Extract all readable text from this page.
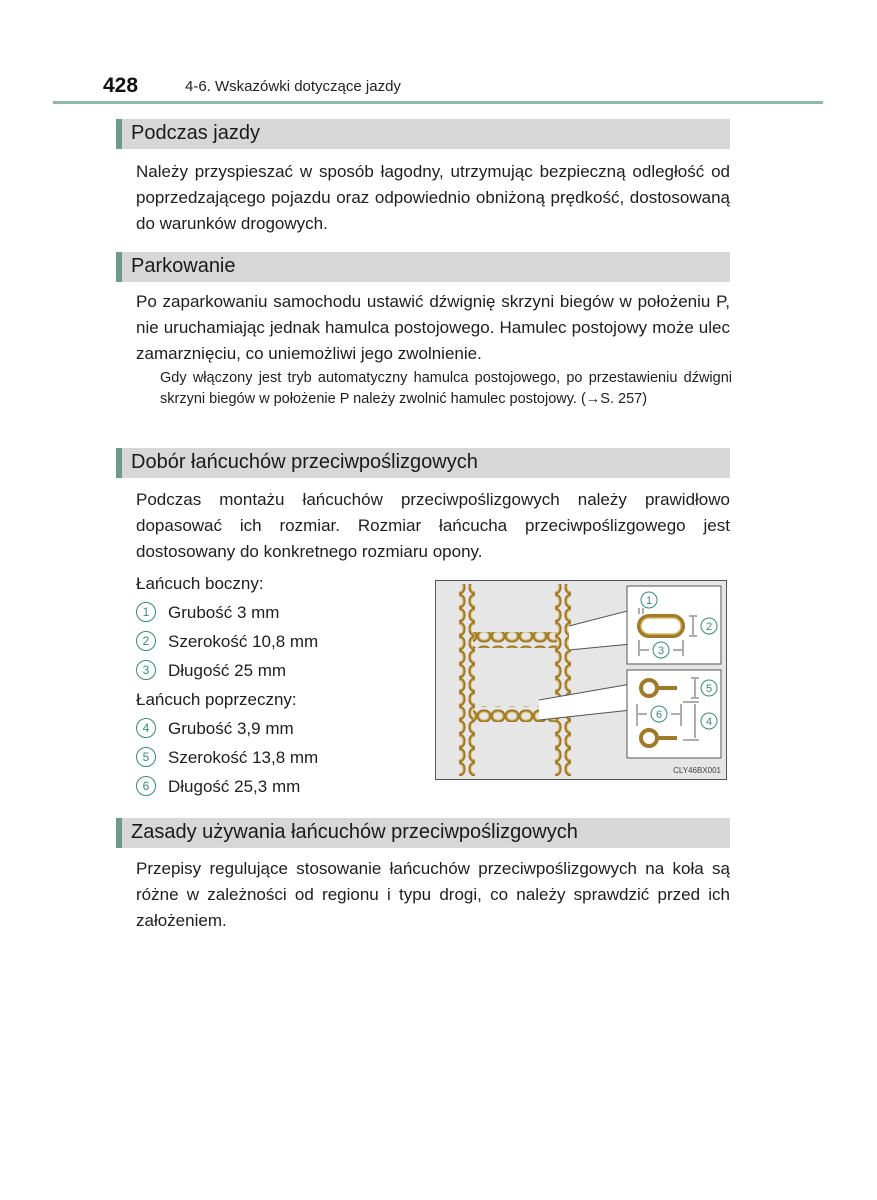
428	4-6. Wskazówki dotyczące jazdy
Podczas jazdy

Należy przyspieszać w sposób łagodny, utrzymując bezpieczną odległość od poprzedzającego pojazdu oraz odpowiednio obniżoną prędkość, dostosowaną do warunków drogowych.

Parkowanie

Po zaparkowaniu samochodu ustawić dźwignię skrzyni biegów w położeniu P, nie uruchamiając jednak hamulca postojowego. Hamulec postojowy może ulec zamarznięciu, co uniemożliwi jego zwolnienie.

Gdy włączony jest tryb automatyczny hamulca postojowego, po przestawieniu dźwigni skrzyni biegów w położenie P należy zwolnić hamulec postojowy. (→S. 257)

Dobór łańcuchów przeciwpoślizgowych

Podczas montażu łańcuchów przeciwpoślizgowych należy prawidłowo dopasować ich rozmiar. Rozmiar łańcucha przeciwpoślizgowego jest dostosowany do konkretnego rozmiaru opony.

Łańcuch boczny:
1 Grubość 3 mm
2 Szerokość 10,8 mm
3 Długość 25 mm
Łańcuch poprzeczny:
4 Grubość 3,9 mm
5 Szerokość 13,8 mm
6 Długość 25,3 mm
1
2
3
4
5
6
CLY46BX001
Zasady używania łańcuchów przeciwpoślizgowych

Przepisy regulujące stosowanie łańcuchów przeciwpoślizgowych na koła są różne w zależności od regionu i typu drogi, co należy sprawdzić przed ich założeniem.
